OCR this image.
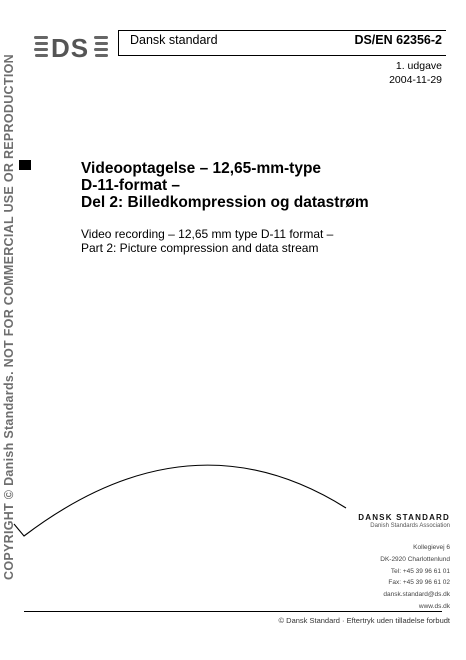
DS	Dansk standard	DS/EN 62356-2
1. udgave
2004-11-29
Videooptagelse – 12,65-mm-type
D-11-format –
Del 2: Billedkompression og datastrøm
Video recording – 12,65 mm type D-11 format –
Part 2: Picture compression and data stream
COPYRIGHT © Danish Standards. NOT FOR COMMERCIAL USE OR REPRODUCTION	DANSK STANDARD
Danish Standards Association
Kollegievej 6
DK-2920 Charlottenlund
Tel: +45 39 96 61 01
Fax: +45 39 96 61 02
dansk.standard@ds.dk
www.ds.dk
© Dansk Standard · Eftertryk uden tilladelse forbudt
